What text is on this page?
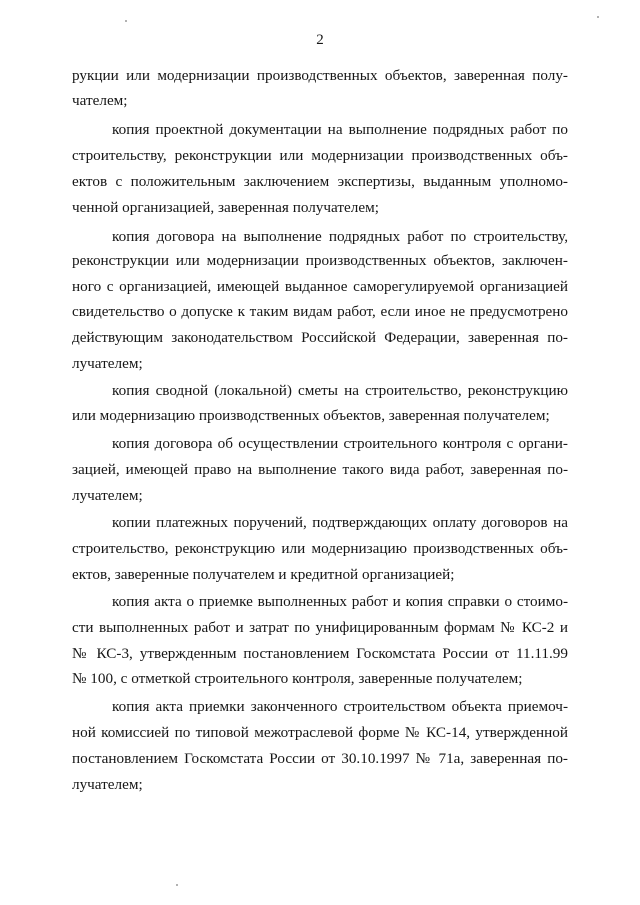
2
рукции или модернизации производственных объектов, заверенная полу-
чателем;
копия проектной документации на выполнение подрядных работ по
строительству, реконструкции или модернизации производственных объ-
ектов с положительным заключением экспертизы, выданным уполномо-
ченной организацией, заверенная получателем;
копия договора на выполнение подрядных работ по строительству,
реконструкции или модернизации производственных объектов, заключен-
ного с организацией, имеющей выданное саморегулируемой организацией
свидетельство о допуске к таким видам работ, если иное не предусмотрено
действующим законодательством Российской Федерации, заверенная по-
лучателем;
копия сводной (локальной) сметы на строительство, реконструкцию
или модернизацию производственных объектов, заверенная получателем;
копия договора об осуществлении строительного контроля с органи-
зацией, имеющей право на выполнение такого вида работ, заверенная по-
лучателем;
копии платежных поручений, подтверждающих оплату договоров на
строительство, реконструкцию или модернизацию производственных объ-
ектов, заверенные получателем и кредитной организацией;
копия акта о приемке выполненных работ и копия справки о стоимо-
сти выполненных работ и затрат по унифицированным формам № КС-2 и
№ КС-3, утвержденным постановлением Госкомстата России от 11.11.99
№ 100, с отметкой строительного контроля, заверенные получателем;
копия акта приемки законченного строительством объекта приемоч-
ной комиссией по типовой межотраслевой форме № КС-14, утвержденной
постановлением Госкомстата России от 30.10.1997 № 71а, заверенная по-
лучателем;
